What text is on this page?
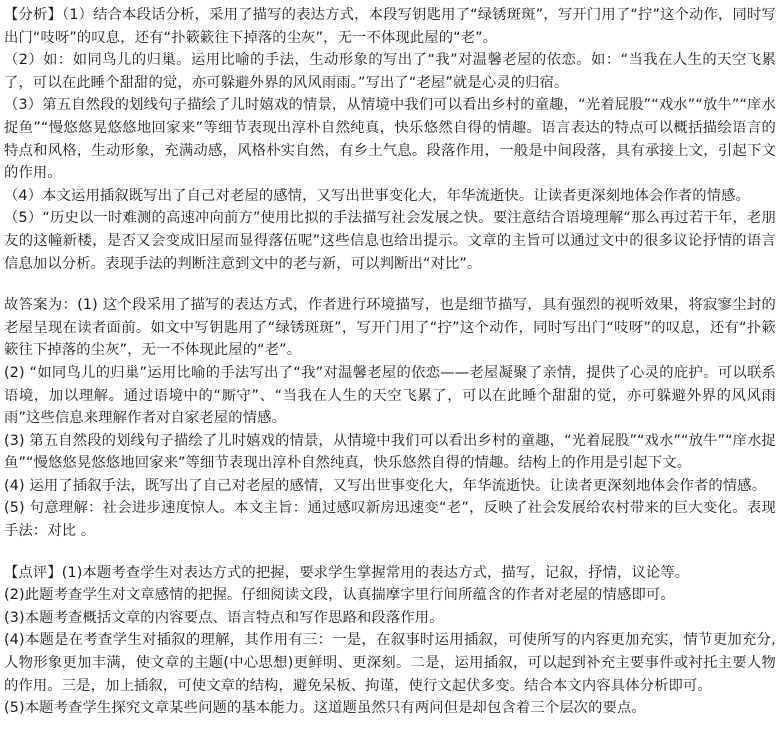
【分析】（1）结合本段话分析，采用了描写的表达方式，本段写钥匙用了“绿锈斑斑”，写开门用了“拧”这个动作，同时写出门“吱呀”的叹息，还有“扑簌簌往下掉落的尘灰”，无一不体现此屋的“老”。

（2）如：如同鸟儿的归巢。运用比喻的手法，生动形象的写出了“我”对温馨老屋的依恋。如：“当我在人生的天空飞累了，可以在此睡个甜甜的觉，亦可躲避外界的风风雨雨。”写出了“老屋”就是心灵的归宿。

（3）第五自然段的划线句子描绘了儿时嬉戏的情景，从情境中我们可以看出乡村的童趣，“光着屁股”“戏水”“放牛”“庠水捉鱼”“慢悠悠晃悠悠地回家来”等细节表现出淳朴自然纯真，快乐悠然自得的情趣。语言表达的特点可以概括描绘语言的特点和风格，生动形象，充满动感，风格朴实自然，有乡土气息。段落作用，一般是中间段落，具有承接上文，引起下文的作用。

（4）本文运用插叙既写出了自己对老屋的感情，又写出世事变化大，年华流逝快。让读者更深刻地体会作者的情感。

（5）“历史以一时难测的高速冲向前方”使用比拟的手法描写社会发展之快。要注意结合语境理解“那么再过若干年，老朋友的这幢新楼，是否又会变成旧屋而显得落伍呢”这些信息也给出提示。文章的主旨可以通过文中的很多议论抒情的语言信息加以分析。表现手法的判断注意到文中的老与新，可以判断出“对比”。

故答案为：(1) 这个段采用了描写的表达方式，作者进行环境描写，也是细节描写，具有强烈的视听效果，将寂寥尘封的老屋呈现在读者面前。如文中写钥匙用了“绿锈斑斑”，写开门用了“拧”这个动作，同时写出门“吱呀”的叹息，还有“扑簌簌往下掉落的尘灰”，无一不体现此屋的“老”。

(2) “如同鸟儿的归巢”运用比喻的手法写出了“我”对温馨老屋的依恋——老屋凝聚了亲情，提供了心灵的庇护。可以联系语境，加以理解。通过语境中的“厮守”、“当我在人生的天空飞累了，可以在此睡个甜甜的觉，亦可躲避外界的风风雨雨”这些信息来理解作者对自家老屋的情感。

(3) 第五自然段的划线句子描绘了儿时嬉戏的情景，从情境中我们可以看出乡村的童趣，“光着屁股”“戏水”“放牛”“庠水捉鱼”“慢悠悠晃悠悠地回家来”等细节表现出淳朴自然纯真，快乐悠然自得的情趣。结构上的作用是引起下文。

(4) 运用了插叙手法，既写出了自己对老屋的感情，又写出世事变化大，年华流逝快。让读者更深刻地体会作者的情感。

(5) 句意理解：社会进步速度惊人。本文主旨：通过感叹新房迅速变“老”，反映了社会发展给农村带来的巨大变化。表现手法：对比 。

【点评】(1)本题考查学生对表达方式的把握，要求学生掌握常用的表达方式，描写，记叙，抒情，议论等。

(2)此题考查学生对文章感情的把握。仔细阅读文段，认真揣摩字里行间所蕴含的作者对老屋的情感即可。

(3)本题考查概括文章的内容要点、语言特点和写作思路和段落作用。

(4)本题是在考查学生对插叙的理解，其作用有三：一是，在叙事时运用插叙，可使所写的内容更加充实，情节更加充分,人物形象更加丰满，使文章的主题(中心思想)更鲜明、更深刻。二是，运用插叙，可以起到补充主要事件或衬托主要人物的作用。三是，加上插叙，可使文章的结构，避免呆板、拘谨，使行文起伏多变。结合本文内容具体分析即可。

(5)本题考查学生探究文章某些问题的基本能力。这道题虽然只有两问但是却包含着三个层次的要点。
